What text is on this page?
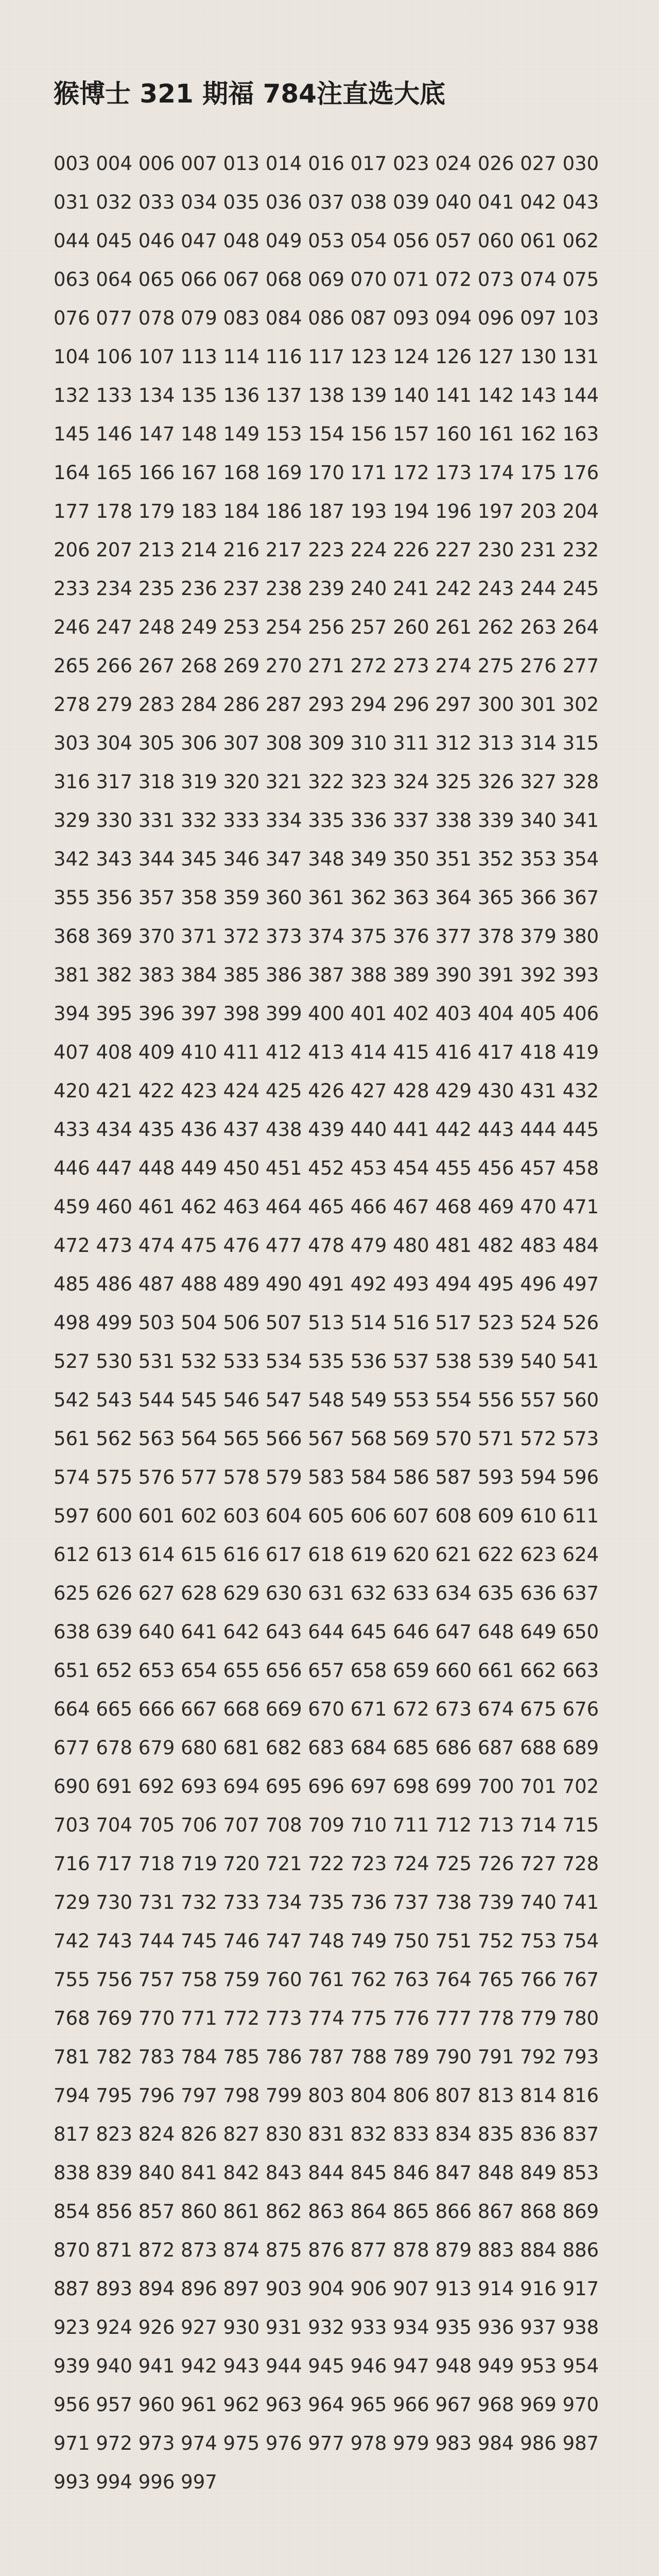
猴博士 321 期福 784注直选大底

003 004 006 007 013 014 016 017 023 024 026 027 030 031 032 033 034 035 036 037 038 039 040 041 042 043 044 045 046 047 048 049 053 054 056 057 060 061 062 063 064 065 066 067 068 069 070 071 072 073 074 075 076 077 078 079 083 084 086 087 093 094 096 097 103 104 106 107 113 114 116 117 123 124 126 127 130 131 132 133 134 135 136 137 138 139 140 141 142 143 144 145 146 147 148 149 153 154 156 157 160 161 162 163 164 165 166 167 168 169 170 171 172 173 174 175 176 177 178 179 183 184 186 187 193 194 196 197 203 204 206 207 213 214 216 217 223 224 226 227 230 231 232 233 234 235 236 237 238 239 240 241 242 243 244 245 246 247 248 249 253 254 256 257 260 261 262 263 264 265 266 267 268 269 270 271 272 273 274 275 276 277 278 279 283 284 286 287 293 294 296 297 300 301 302 303 304 305 306 307 308 309 310 311 312 313 314 315 316 317 318 319 320 321 322 323 324 325 326 327 328 329 330 331 332 333 334 335 336 337 338 339 340 341 342 343 344 345 346 347 348 349 350 351 352 353 354 355 356 357 358 359 360 361 362 363 364 365 366 367 368 369 370 371 372 373 374 375 376 377 378 379 380 381 382 383 384 385 386 387 388 389 390 391 392 393 394 395 396 397 398 399 400 401 402 403 404 405 406 407 408 409 410 411 412 413 414 415 416 417 418 419 420 421 422 423 424 425 426 427 428 429 430 431 432 433 434 435 436 437 438 439 440 441 442 443 444 445 446 447 448 449 450 451 452 453 454 455 456 457 458 459 460 461 462 463 464 465 466 467 468 469 470 471 472 473 474 475 476 477 478 479 480 481 482 483 484 485 486 487 488 489 490 491 492 493 494 495 496 497 498 499 503 504 506 507 513 514 516 517 523 524 526 527 530 531 532 533 534 535 536 537 538 539 540 541 542 543 544 545 546 547 548 549 553 554 556 557 560 561 562 563 564 565 566 567 568 569 570 571 572 573 574 575 576 577 578 579 583 584 586 587 593 594 596 597 600 601 602 603 604 605 606 607 608 609 610 611 612 613 614 615 616 617 618 619 620 621 622 623 624 625 626 627 628 629 630 631 632 633 634 635 636 637 638 639 640 641 642 643 644 645 646 647 648 649 650 651 652 653 654 655 656 657 658 659 660 661 662 663 664 665 666 667 668 669 670 671 672 673 674 675 676 677 678 679 680 681 682 683 684 685 686 687 688 689 690 691 692 693 694 695 696 697 698 699 700 701 702 703 704 705 706 707 708 709 710 711 712 713 714 715 716 717 718 719 720 721 722 723 724 725 726 727 728 729 730 731 732 733 734 735 736 737 738 739 740 741 742 743 744 745 746 747 748 749 750 751 752 753 754 755 756 757 758 759 760 761 762 763 764 765 766 767 768 769 770 771 772 773 774 775 776 777 778 779 780 781 782 783 784 785 786 787 788 789 790 791 792 793 794 795 796 797 798 799 803 804 806 807 813 814 816 817 823 824 826 827 830 831 832 833 834 835 836 837 838 839 840 841 842 843 844 845 846 847 848 849 853 854 856 857 860 861 862 863 864 865 866 867 868 869 870 871 872 873 874 875 876 877 878 879 883 884 886 887 893 894 896 897 903 904 906 907 913 914 916 917 923 924 926 927 930 931 932 933 934 935 936 937 938 939 940 941 942 943 944 945 946 947 948 949 953 954 956 957 960 961 962 963 964 965 966 967 968 969 970 971 972 973 974 975 976 977 978 979 983 984 986 987 993 994 996 997
